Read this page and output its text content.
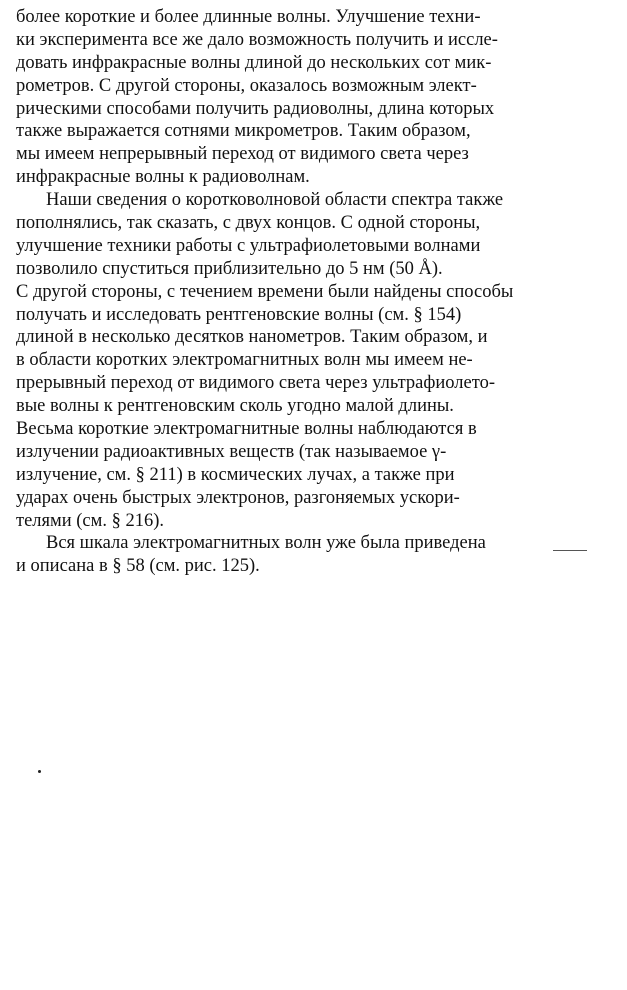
более короткие и более длинные волны. Улучшение техни-
ки эксперимента все же дало возможность получить и иссле-
довать инфракрасные волны длиной до нескольких сот мик-
рометров. С другой стороны, оказалось возможным элект-
рическими способами получить радиоволны, длина которых
также выражается сотнями микрометров. Таким образом,
мы имеем непрерывный переход от видимого света через
инфракрасные волны к радиоволнам.
Наши сведения о коротковолновой области спектра также
пополнялись, так сказать, с двух концов. С одной стороны,
улучшение техники работы с ультрафиолетовыми волнами
позволило спуститься приблизительно до 5 нм (50 Å).
С другой стороны, с течением времени были найдены способы
получать и исследовать рентгеновские волны (см. § 154)
длиной в несколько десятков нанометров. Таким образом, и
в области коротких электромагнитных волн мы имеем не-
прерывный переход от видимого света через ультрафиолето-
вые волны к рентгеновским сколь угодно малой длины.
Весьма короткие электромагнитные волны наблюдаются в
излучении радиоактивных веществ (так называемое γ-
излучение, см. § 211) в космических лучах, а также при
ударах очень быстрых электронов, разгоняемых ускори-
телями (см. § 216).
Вся шкала электромагнитных волн уже была приведена
и описана в § 58 (см. рис. 125).
